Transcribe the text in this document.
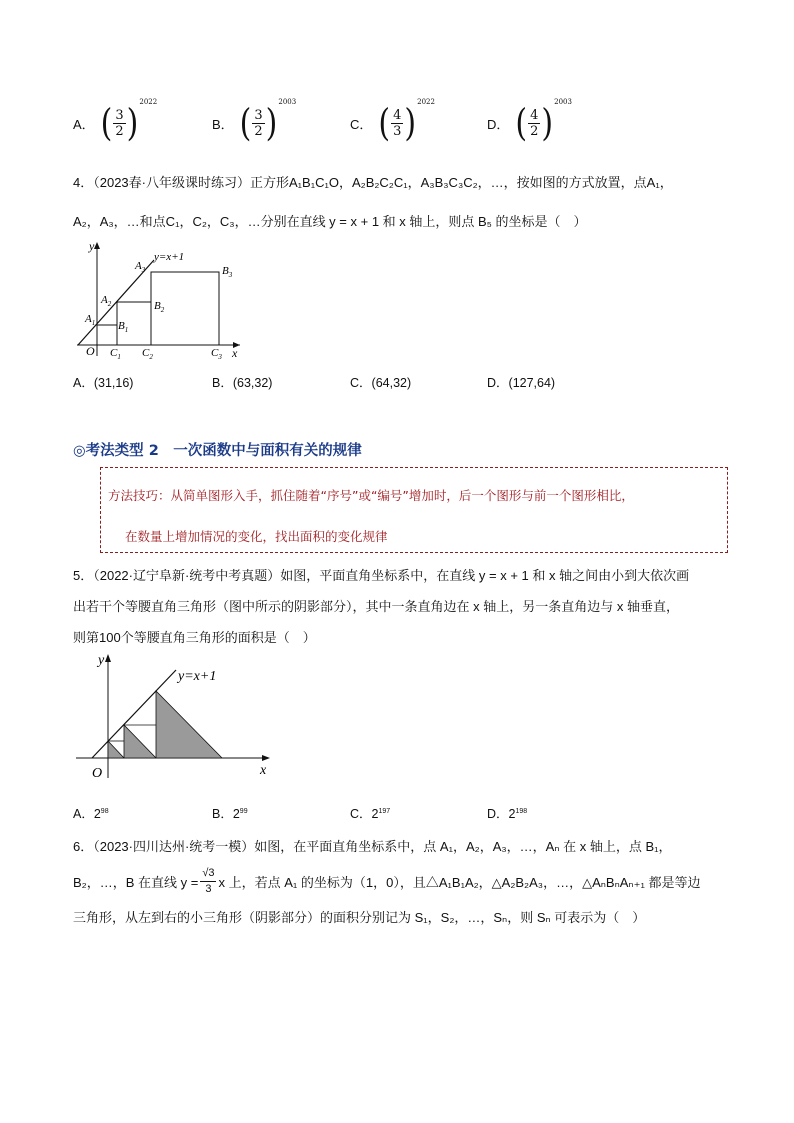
A． ( $\frac{3}{2}$ ) 2022
B． ( $\frac{3}{2}$ ) 2003
C． ( $\frac{4}{3}$ ) 2022
D． ( $\frac{4}{2}$ ) 2003
4．（2023春·八年级课时练习）正方形A₁B₁C₁O，A₂B₂C₂C₁，A₃B₃C₃C₂，…，按如图的方式放置，点A₁，
A₂，A₃，…和点C₁，C₂，C₃，…分别在直线 y = x + 1 和 x 轴上，则点 B₅ 的坐标是（　）
y
x
O
y=x+1
$A_1$
$A_2$
$A_3$
$B_1$
$B_2$
$B_3$
$C_1$ $C_2$	$C_3$
A．(31,16)	B．(63,32)	C．(64,32)	D．(127,64)
◎考法类型 2　一次函数中与面积有关的规律
方法技巧：从简单图形入手，抓住随着“序号”或“编号”增加时，后一个图形与前一个图形相比，
在数量上增加情况的变化，找出面积的变化规律
5．（2022·辽宁阜新·统考中考真题）如图，平面直角坐标系中，在直线 y = x + 1 和 x 轴之间由小到大依次画
出若干个等腰直角三角形（图中所示的阴影部分），其中一条直角边在 x 轴上，另一条直角边与 x 轴垂直，
则第100个等腰直角三角形的面积是（　）
y
x
O
y=x+1
A．$2^{98}$	B．$2^{99}$	C．$2^{197}$	D．$2^{198}$
6．（2023·四川达州·统考一模）如图，在平面直角坐标系中，点 A₁，A₂，A₃，…，Aₙ 在 x 轴上，点 B₁，
B₂，…，B 在直线 $y = \frac{√3}{3}$ x 上，若点 A₁ 的坐标为（1，0），且△A₁B₁A₂，△A₂B₂A₃，…，△AₙBₙAₙ₊₁ 都是等边
三角形，从左到右的小三角形（阴影部分）的面积分别记为 S₁，S₂，…，Sₙ，则 Sₙ 可表示为（　）
